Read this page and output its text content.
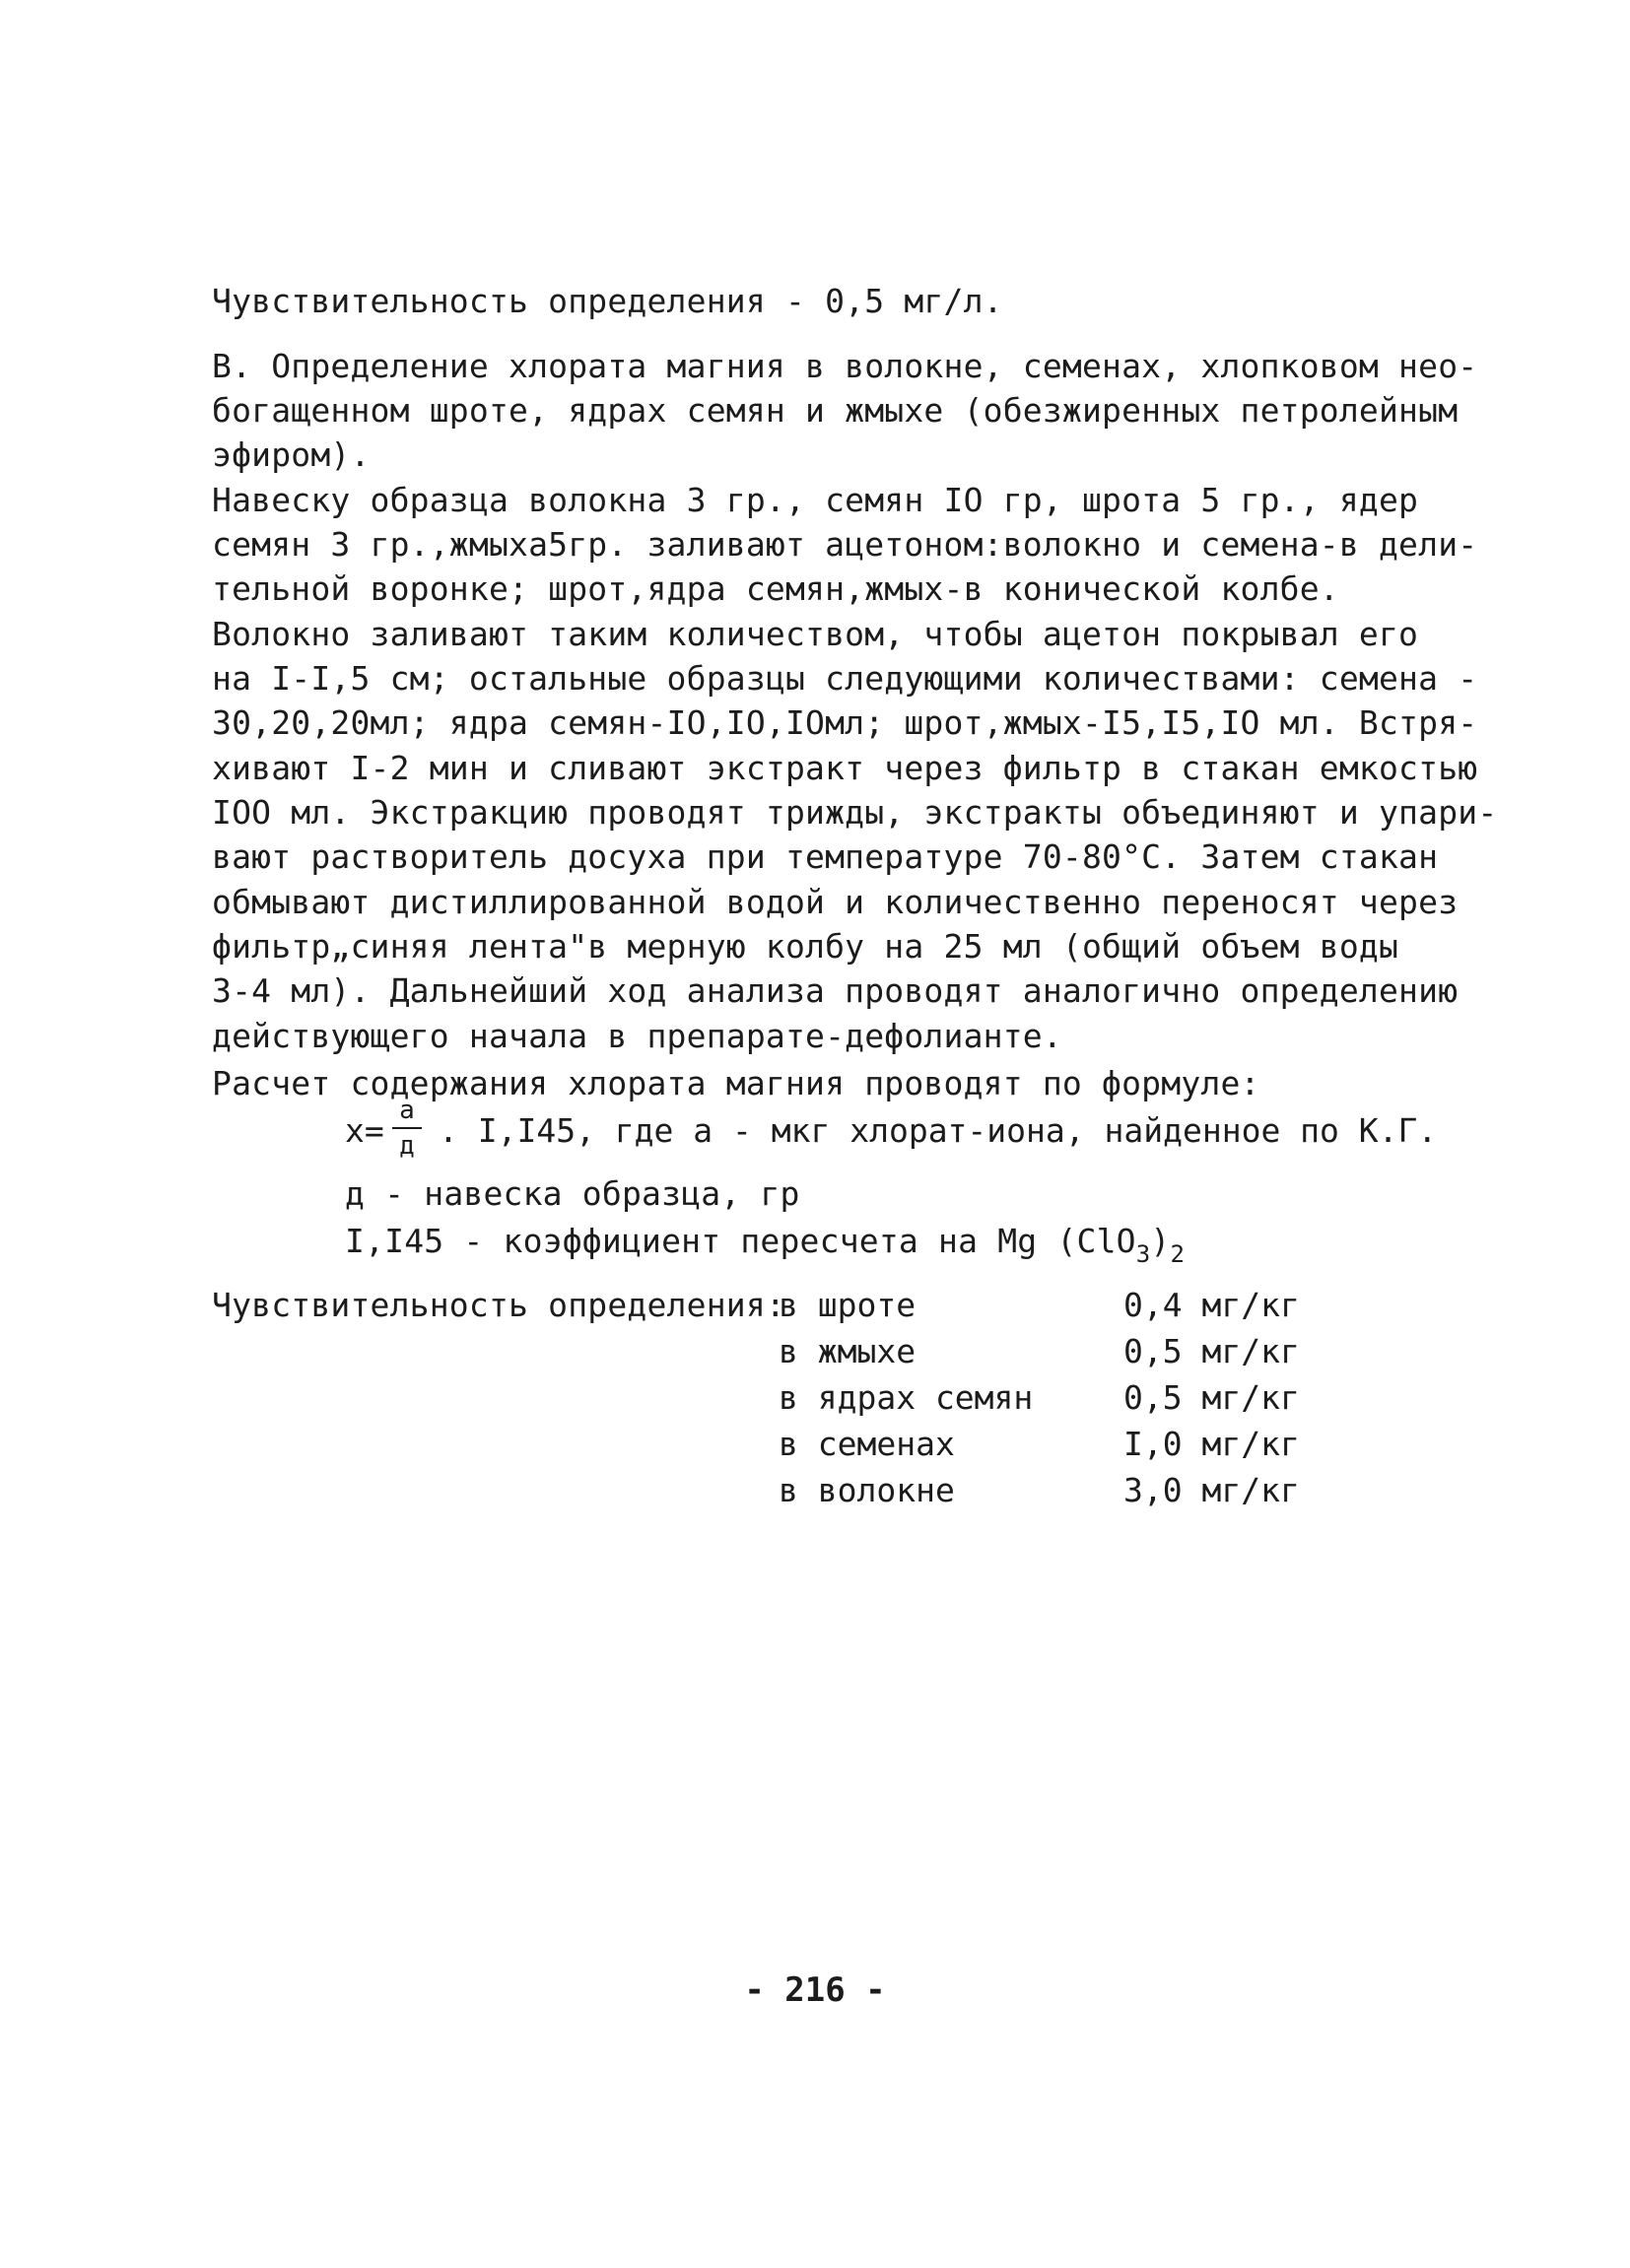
Чувствительность определения - 0,5 мг/л.
В. Определение хлората магния в волокне, семенах, хлопковом нео-
богащенном шроте, ядрах семян и жмыхе (обезжиренных петролейным
эфиром).
Навеску образца волокна 3 гр., семян IO гр, шрота 5 гр., ядер
семян 3 гр.,жмыха5гр. заливают ацетоном:волокно и семена-в дели-
тельной воронке; шрот,ядра семян,жмых-в конической колбе.
Волокно заливают таким количеством, чтобы ацетон покрывал его
на I-I,5 см; остальные образцы следующими количествами: семена -
30,20,20мл; ядра семян-IO,IO,IOмл; шрот,жмых-I5,I5,IO мл. Встря-
хивают I-2 мин и сливают экстракт через фильтр в стакан емкостью
IOO мл. Экстракцию проводят трижды, экстракты объединяют и упари-
вают растворитель досуха при температуре 70-80°С. Затем стакан
обмывают дистиллированной водой и количественно переносят через
фильтр„синяя лента"в мерную колбу на 25 мл (общий объем воды
3-4 мл). Дальнейший ход анализа проводят аналогично определению
действующего начала в препарате-дефолианте.
Расчет содержания хлората магния проводят по формуле:
х=
а
д . I,I45, где а - мкг хлорат-иона, найденное по К.Г.
д - навеска образца, гр
I,I45 - коэффициент пересчета на Mg $(ClO_3)_2$
Чувствительность определения:
в шроте	0,4 мг/кг
в жмыхе	0,5 мг/кг
в ядрах семян	0,5 мг/кг
в семенах	I,0 мг/кг
в волокне	3,0 мг/кг
- 216 -
